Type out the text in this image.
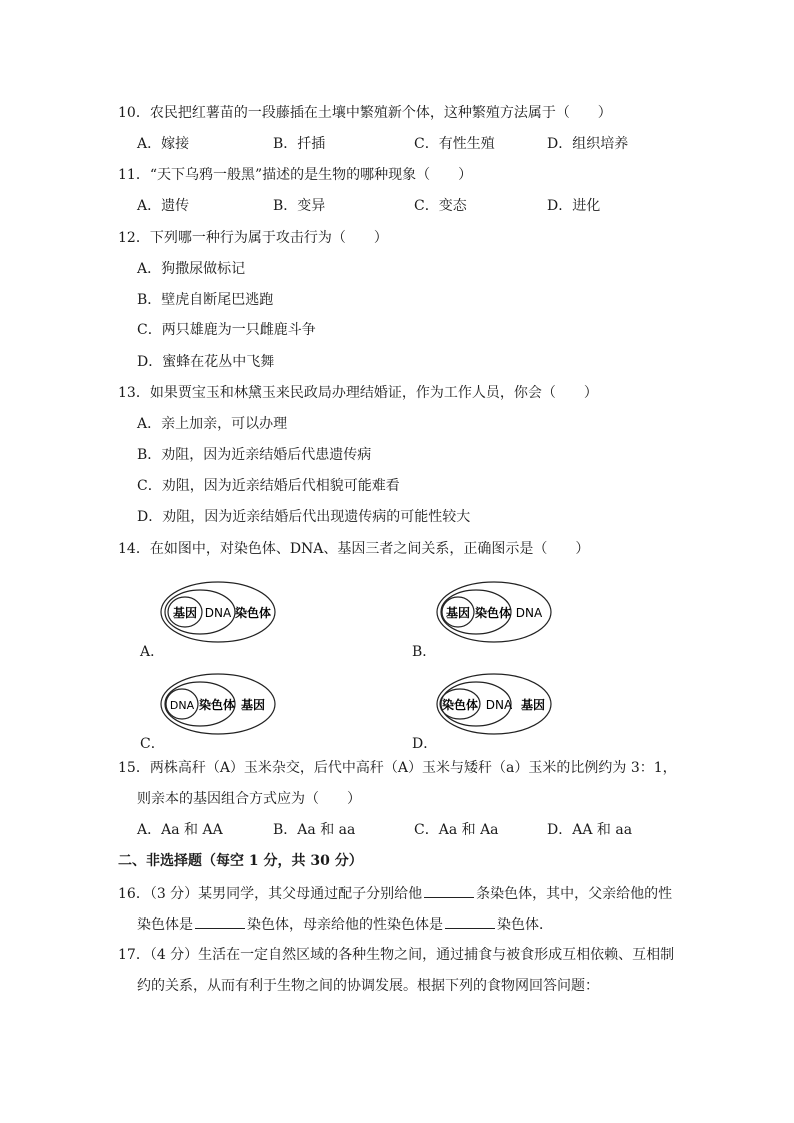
10．农民把红薯苗的一段藤插在土壤中繁殖新个体，这种繁殖方法属于（　　）
A．嫁接	B．扦插	C．有性生殖	D．组织培养
11．“天下乌鸦一般黑”描述的是生物的哪种现象（　　）
A．遗传	B．变异	C．变态	D．进化
12．下列哪一种行为属于攻击行为（　　）
A．狗撒尿做标记
B．壁虎自断尾巴逃跑
C．两只雄鹿为一只雌鹿斗争
D．蜜蜂在花丛中飞舞
13．如果贾宝玉和林黛玉来民政局办理结婚证，作为工作人员，你会（　　）
A．亲上加亲，可以办理
B．劝阻，因为近亲结婚后代患遗传病
C．劝阻，因为近亲结婚后代相貌可能难看
D．劝阻，因为近亲结婚后代出现遗传病的可能性较大
14．在如图中，对染色体、DNA、基因三者之间关系，正确图示是（　　）
基因 DNA 染色体
A．
基因 染色体 DNA
B．
DNA 染色体 基因
C．
染色体 DNA 基因
D．
15．两株高秆（A）玉米杂交，后代中高秆（A）玉米与矮秆（a）玉米的比例约为 3：1，
则亲本的基因组合方式应为（　　）
A．Aa 和 AA	B．Aa 和 aa	C．Aa 和 Aa	D．AA 和 aa
二、非选择题（每空 1 分，共 30 分）
16．（3 分）某男同学，其父母通过配子分别给他	条染色体，其中，父亲给他的性
染色体是	染色体，母亲给他的性染色体是	染色体．
17．（4 分）生活在一定自然区域的各种生物之间，通过捕食与被食形成互相依赖、互相制
约的关系，从而有利于生物之间的协调发展。根据下列的食物网回答问题：
